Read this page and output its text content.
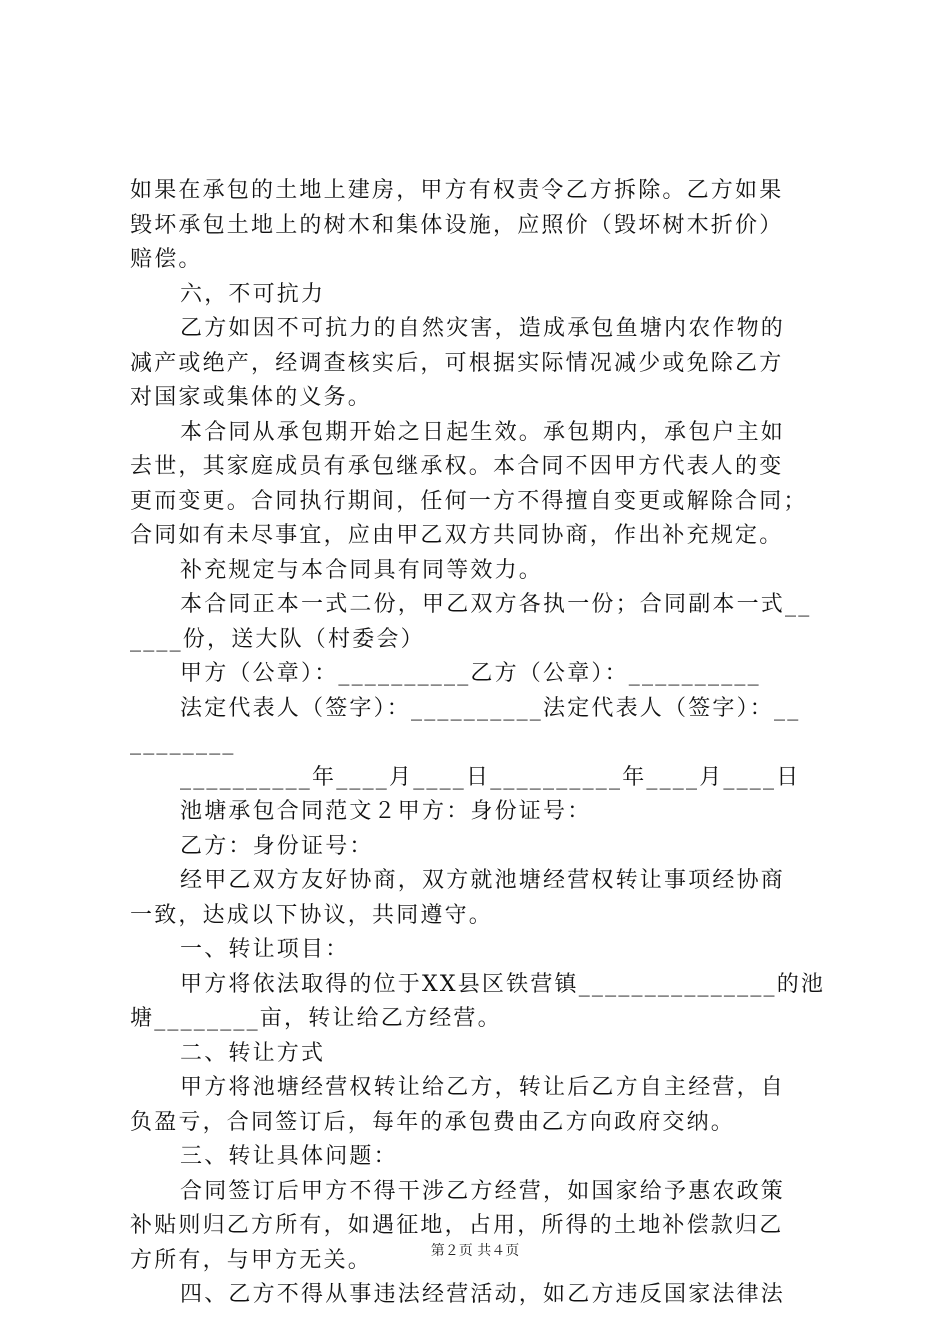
如果在承包的土地上建房，甲方有权责令乙方拆除。乙方如果
毁坏承包土地上的树木和集体设施，应照价（毁坏树木折价）
赔偿。
六，不可抗力
乙方如因不可抗力的自然灾害，造成承包鱼塘内农作物的
减产或绝产，经调查核实后，可根据实际情况减少或免除乙方
对国家或集体的义务。
本合同从承包期开始之日起生效。承包期内，承包户主如
去世，其家庭成员有承包继承权。本合同不因甲方代表人的变
更而变更。合同执行期间，任何一方不得擅自变更或解除合同；
合同如有未尽事宜，应由甲乙双方共同协商，作出补充规定。
补充规定与本合同具有同等效力。
本合同正本一式二份，甲乙双方各执一份；合同副本一式__
____份，送大队（村委会）
甲方（公章）：__________乙方（公章）：__________
法定代表人（签字）：__________法定代表人（签字）：__
________
__________年____月____日__________年____月____日
池塘承包合同范文２甲方：身份证号：
乙方：身份证号：
经甲乙双方友好协商，双方就池塘经营权转让事项经协商
一致，达成以下协议，共同遵守。
一、转让项目：
甲方将依法取得的位于XX县区铁营镇_______________的池
塘________亩，转让给乙方经营。
二、转让方式
甲方将池塘经营权转让给乙方，转让后乙方自主经营，自
负盈亏，合同签订后，每年的承包费由乙方向政府交纳。
三、转让具体问题：
合同签订后甲方不得干涉乙方经营，如国家给予惠农政策
补贴则归乙方所有，如遇征地，占用，所得的土地补偿款归乙
方所有，与甲方无关。
四、乙方不得从事违法经营活动，如乙方违反国家法律法
第２页 共４页
